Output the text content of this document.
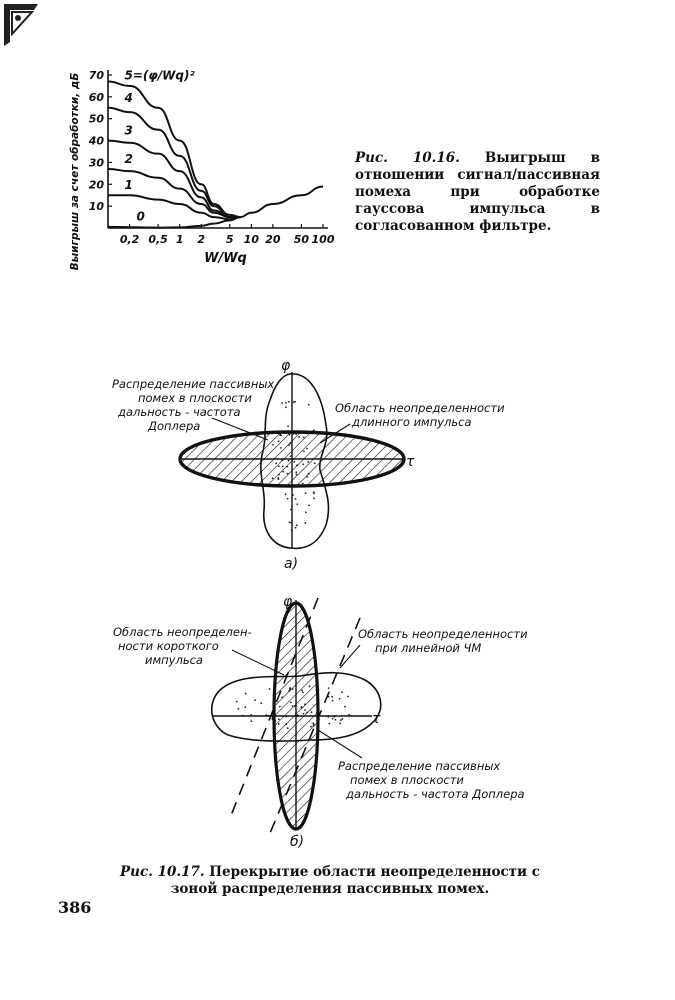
10
20
30
40
50
60
70
0,2 0,5 1 2 5 10 20 50 100
0
1
2
3
4
5=(φ/Wq)²
Выигрыш за счет обработки, дБ	W/Wq
Рис. 10.16. Выигрыш в отношении сигнал/пассивная помеха при обработке гауссова импульса в согласованном фильтре.
φ
τ
Распределение пассивных
помех в плоскости
дальность - частота
Доплера
Область неопределенности
длинного импульса
а)
φ
τ
Область неопределен-
ности короткого
импульса
Область неопределенности
при линейной ЧМ
Распределение пассивных
помех в плоскости
дальность - частота Доплера
б)
Рис. 10.17. Перекрытие области неопределенности с зоной распределения пассивных помех.
386
